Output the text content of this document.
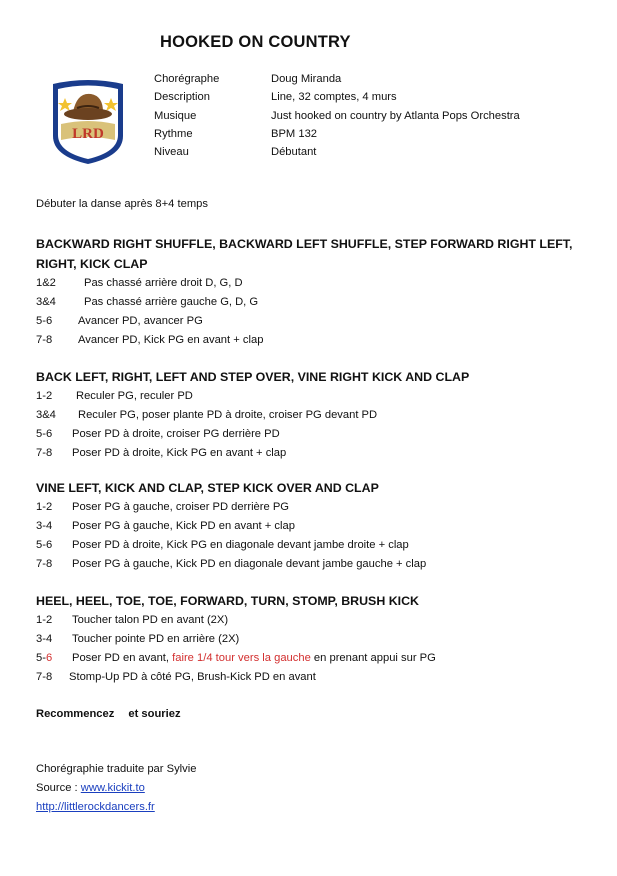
HOOKED ON COUNTRY
LRD
Chorégraphe	Doug Miranda
Description	Line, 32 comptes, 4 murs
Musique	Just hooked on country by Atlanta Pops Orchestra
Rythme	BPM 132
Niveau	Débutant
Débuter la danse après 8+4 temps
BACKWARD RIGHT SHUFFLE, BACKWARD LEFT SHUFFLE, STEP FORWARD RIGHT LEFT,
RIGHT, KICK CLAP
1&2	Pas chassé arrière droit D, G, D
3&4	Pas chassé arrière gauche G, D, G
5-6 Avancer PD, avancer PG
7-8 Avancer PD, Kick PG en avant + clap
BACK LEFT, RIGHT, LEFT AND STEP OVER, VINE RIGHT KICK AND CLAP
1-2 Reculer PG, reculer PD
3&4 Reculer PG, poser plante PD à droite, croiser PG devant PD
5-6 Poser PD à droite, croiser PG derrière PD
7-8 Poser PD à droite, Kick PG en avant + clap
VINE LEFT, KICK AND CLAP, STEP KICK OVER AND CLAP
1-2 Poser PG à gauche, croiser PD derrière PG
3-4 Poser PG à gauche, Kick PD en avant + clap
5-6 Poser PD à droite, Kick PG en diagonale devant jambe droite + clap
7-8 Poser PG à gauche, Kick PD en diagonale devant jambe gauche + clap
HEEL, HEEL, TOE, TOE, FORWARD, TURN, STOMP, BRUSH KICK
1-2 Toucher talon PD en avant (2X)
3-4 Toucher pointe PD en arrière (2X)
5-6 Poser PD en avant, faire 1/4 tour vers la gauche en prenant appui sur PG
7-8 Stomp-Up PD à côté PG, Brush-Kick PD en avant
Recommencez et souriez
Chorégraphie traduite par Sylvie
Source : www.kickit.to
http://littlerockdancers.fr
